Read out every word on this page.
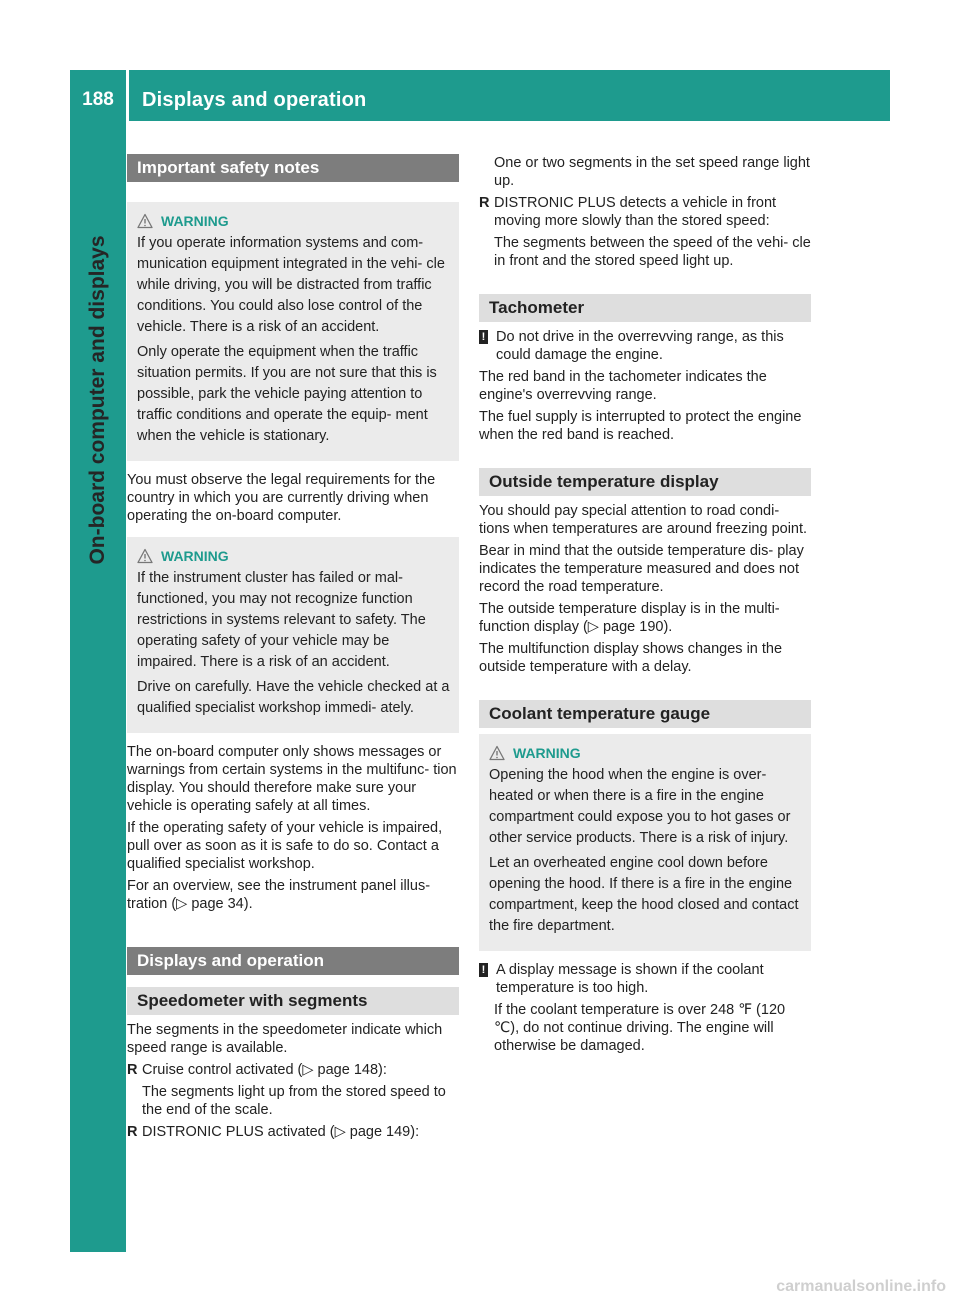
188	Displays and operation
On-board computer and displays
Important safety notes
WARNING

If you operate information systems and com- munication equipment integrated in the vehi- cle while driving, you will be distracted from traffic conditions. You could also lose control of the vehicle. There is a risk of an accident.

Only operate the equipment when the traffic situation permits. If you are not sure that this is possible, park the vehicle paying attention to traffic conditions and operate the equip- ment when the vehicle is stationary.

You must observe the legal requirements for the country in which you are currently driving when operating the on-board computer.

WARNING

If the instrument cluster has failed or mal- functioned, you may not recognize function restrictions in systems relevant to safety. The operating safety of your vehicle may be impaired. There is a risk of an accident.

Drive on carefully. Have the vehicle checked at a qualified specialist workshop immedi- ately.

The on-board computer only shows messages or warnings from certain systems in the multifunc- tion display. You should therefore make sure your vehicle is operating safely at all times.

If the operating safety of your vehicle is impaired, pull over as soon as it is safe to do so. Contact a qualified specialist workshop.

For an overview, see the instrument panel illus- tration (▷ page 34).

Displays and operation
Speedometer with segments

The segments in the speedometer indicate which speed range is available.

R Cruise control activated (▷ page 148):

The segments light up from the stored speed to the end of the scale.

R DISTRONIC PLUS activated (▷ page 149):

One or two segments in the set speed range light up.

R DISTRONIC PLUS detects a vehicle in front moving more slowly than the stored speed:

The segments between the speed of the vehi- cle in front and the stored speed light up.

Tachometer

! Do not drive in the overrevving range, as this could damage the engine.

The red band in the tachometer indicates the engine's overrevving range.

The fuel supply is interrupted to protect the engine when the red band is reached.

Outside temperature display

You should pay special attention to road condi- tions when temperatures are around freezing point.

Bear in mind that the outside temperature dis- play indicates the temperature measured and does not record the road temperature.

The outside temperature display is in the multi- function display (▷ page 190).

The multifunction display shows changes in the outside temperature with a delay.

Coolant temperature gauge
WARNING

Opening the hood when the engine is over- heated or when there is a fire in the engine compartment could expose you to hot gases or other service products. There is a risk of injury.

Let an overheated engine cool down before opening the hood. If there is a fire in the engine compartment, keep the hood closed and contact the fire department.

! A display message is shown if the coolant temperature is too high.

If the coolant temperature is over 248 ℉ (120 ℃), do not continue driving. The engine will otherwise be damaged.

carmanualsonline.info
